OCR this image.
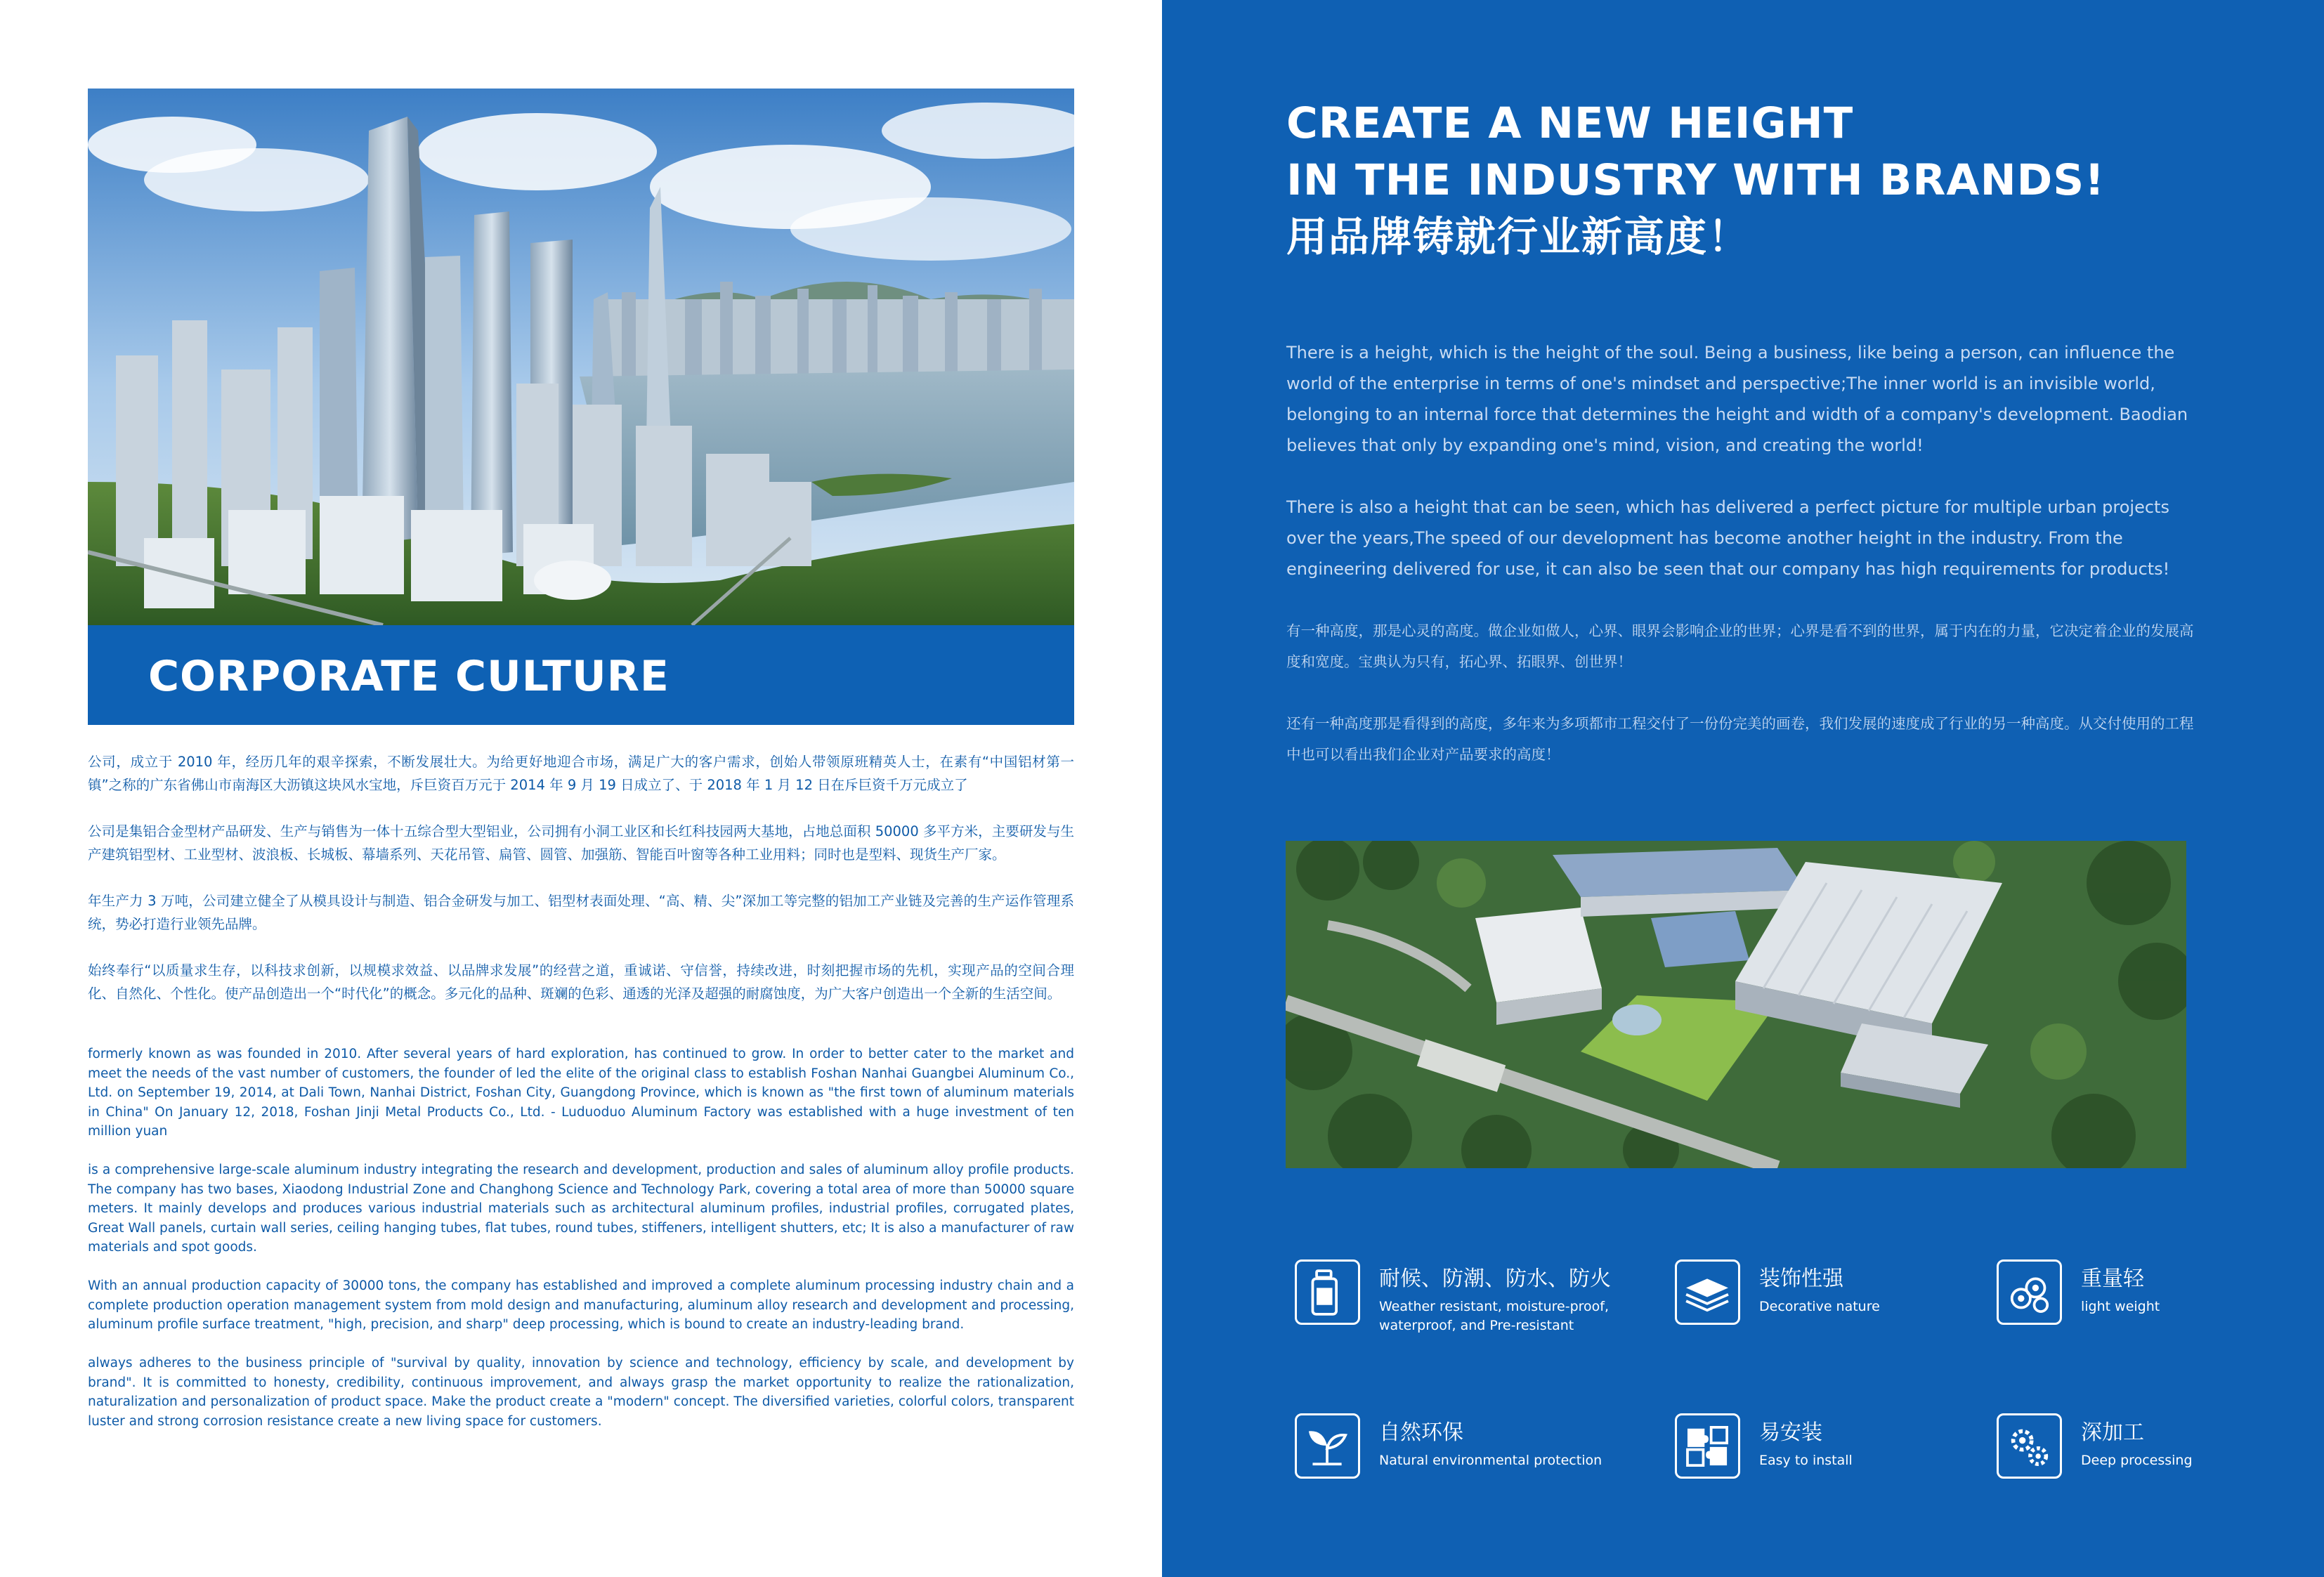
CORPORATE CULTURE

公司，成立于 2010 年，经历几年的艰辛探索，不断发展壮大。为给更好地迎合市场，满足广大的客户需求，创始人带领原班精英人士，在素有“中国铝材第一镇”之称的广东省佛山市南海区大沥镇这块风水宝地，斥巨资百万元于 2014 年 9 月 19 日成立了、于 2018 年 1 月 12 日在斥巨资千万元成立了

公司是集铝合金型材产品研发、生产与销售为一体十五综合型大型铝业，公司拥有小洞工业区和长红科技园两大基地，占地总面积 50000 多平方米，主要研发与生产建筑铝型材、工业型材、波浪板、长城板、幕墙系列、天花吊管、扁管、圆管、加强筋、智能百叶窗等各种工业用料；同时也是型料、现货生产厂家。

年生产力 3 万吨，公司建立健全了从模具设计与制造、铝合金研发与加工、铝型材表面处理、“高、精、尖”深加工等完整的铝加工产业链及完善的生产运作管理系统，势必打造行业领先品牌。

始终奉行“以质量求生存，以科技求创新，以规模求效益、以品牌求发展”的经营之道，重诚诺、守信誉，持续改进，时刻把握市场的先机，实现产品的空间合理化、自然化、个性化。使产品创造出一个“时代化”的概念。多元化的品种、斑斓的色彩、通透的光泽及超强的耐腐蚀度，为广大客户创造出一个全新的生活空间。

formerly known as was founded in 2010. After several years of hard exploration, has continued to grow. In order to better cater to the market and meet the needs of the vast number of customers, the founder of led the elite of the original class to establish Foshan Nanhai Guangbei Aluminum Co., Ltd. on September 19, 2014, at Dali Town, Nanhai District, Foshan City, Guangdong Province, which is known as "the first town of aluminum materials in China" On January 12, 2018, Foshan Jinji Metal Products Co., Ltd. - Luduoduo Aluminum Factory was established with a huge investment of ten million yuan

is a comprehensive large-scale aluminum industry integrating the research and development, production and sales of aluminum alloy profile products. The company has two bases, Xiaodong Industrial Zone and Changhong Science and Technology Park, covering a total area of more than 50000 square meters. It mainly develops and produces various industrial materials such as architectural aluminum profiles, industrial profiles, corrugated plates, Great Wall panels, curtain wall series, ceiling hanging tubes, flat tubes, round tubes, stiffeners, intelligent shutters, etc; It is also a manufacturer of raw materials and spot goods.

With an annual production capacity of 30000 tons, the company has established and improved a complete aluminum processing industry chain and a complete production operation management system from mold design and manufacturing, aluminum alloy research and development and processing, aluminum profile surface treatment, "high, precision, and sharp" deep processing, which is bound to create an industry-leading brand.

always adheres to the business principle of "survival by quality, innovation by science and technology, efficiency by scale, and development by brand". It is committed to honesty, credibility, continuous improvement, and always grasp the market opportunity to realize the rationalization, naturalization and personalization of product space. Make the product create a "modern" concept. The diversified varieties, colorful colors, transparent luster and strong corrosion resistance create a new living space for customers.

CREATE A NEW HEIGHT
IN THE INDUSTRY WITH BRANDS!
用品牌铸就行业新高度！

There is a height, which is the height of the soul. Being a business, like being a person, can influence the world of the enterprise in terms of one's mindset and perspective;The inner world is an invisible world, belonging to an internal force that determines the height and width of a company's development. Baodian believes that only by expanding one's mind, vision, and creating the world!

There is also a height that can be seen, which has delivered a perfect picture for multiple urban projects over the years,The speed of our development has become another height in the industry. From the engineering delivered for use, it can also be seen that our company has high requirements for products!

有一种高度，那是心灵的高度。做企业如做人，心界、眼界会影响企业的世界；心界是看不到的世界，属于内在的力量，它决定着企业的发展高度和宽度。宝典认为只有，拓心界、拓眼界、创世界！

还有一种高度那是看得到的高度，多年来为多项都市工程交付了一份份完美的画卷，我们发展的速度成了行业的另一种高度。从交付使用的工程中也可以看出我们企业对产品要求的高度！

耐候、防潮、防水、防火
Weather resistant, moisture-proof, waterproof, and Pre-resistant
装饰性强
Decorative nature
重量轻
light weight
自然环保
Natural environmental protection
易安装
Easy to install
深加工
Deep processing
